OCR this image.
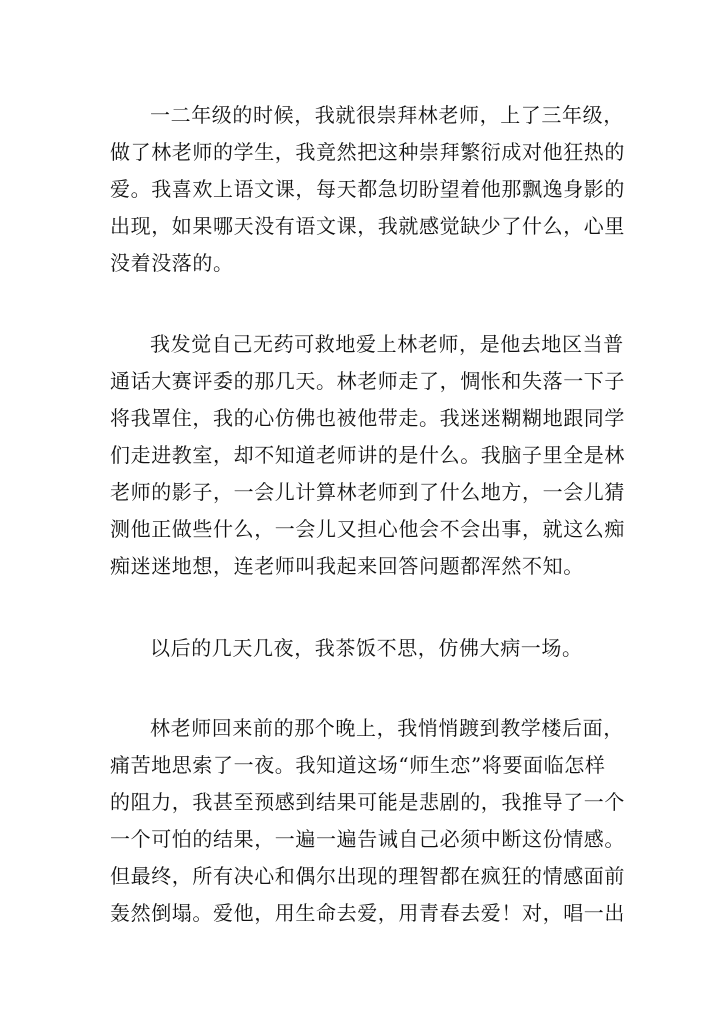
一二年级的时候，我就很崇拜林老师，上了三年级，
做了林老师的学生，我竟然把这种崇拜繁衍成对他狂热的
爱。我喜欢上语文课，每天都急切盼望着他那飘逸身影的
出现，如果哪天没有语文课，我就感觉缺少了什么，心里
没着没落的。
我发觉自己无药可救地爱上林老师，是他去地区当普
通话大赛评委的那几天。林老师走了，惆怅和失落一下子
将我罩住，我的心仿佛也被他带走。我迷迷糊糊地跟同学
们走进教室，却不知道老师讲的是什么。我脑子里全是林
老师的影子，一会儿计算林老师到了什么地方，一会儿猜
测他正做些什么，一会儿又担心他会不会出事，就这么痴
痴迷迷地想，连老师叫我起来回答问题都浑然不知。
以后的几天几夜，我茶饭不思，仿佛大病一场。
林老师回来前的那个晚上，我悄悄踱到教学楼后面，
痛苦地思索了一夜。我知道这场“师生恋”将要面临怎样
的阻力，我甚至预感到结果可能是悲剧的，我推导了一个
一个可怕的结果，一遍一遍告诫自己必须中断这份情感。
但最终，所有决心和偶尔出现的理智都在疯狂的情感面前
轰然倒塌。爱他，用生命去爱，用青春去爱！对，唱一出
